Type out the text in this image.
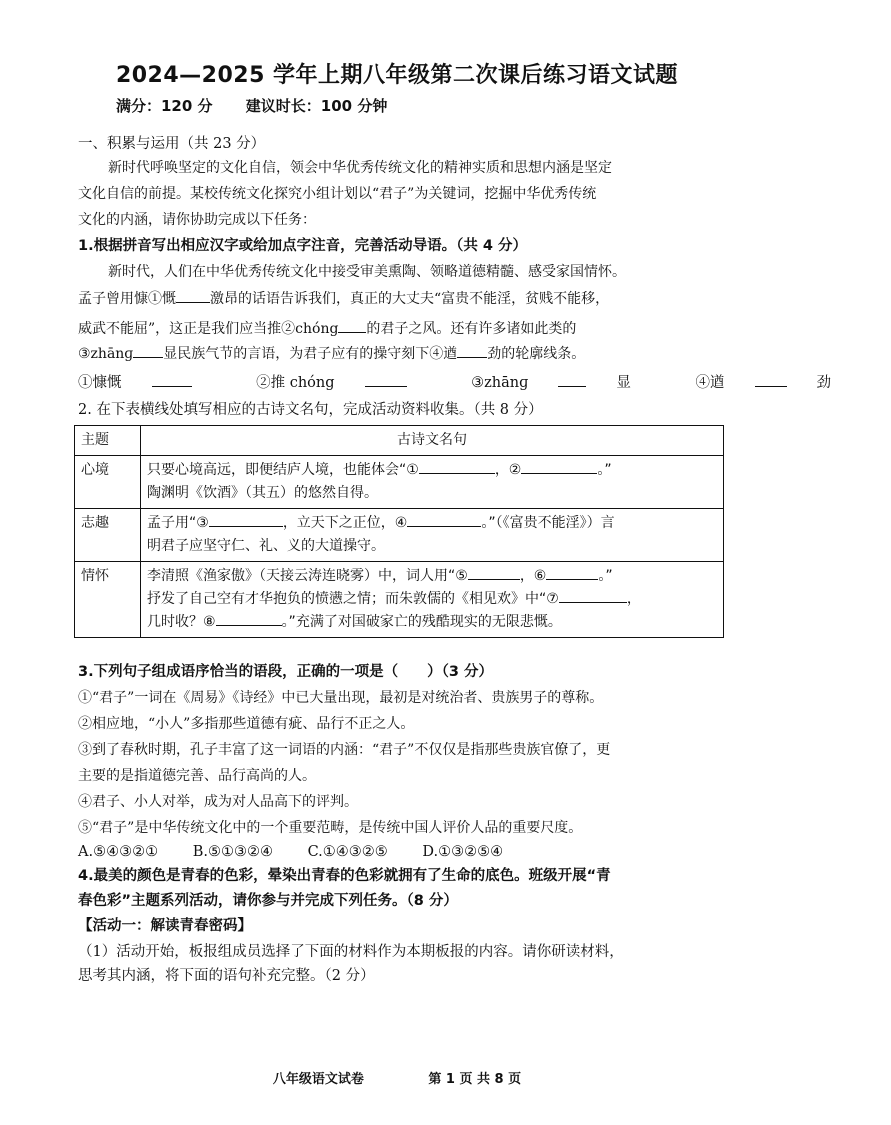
2024—2025 学年上期八年级第二次课后练习语文试题
满分：120 分 建议时长：100 分钟
一、积累与运用（共 23 分）
新时代呼唤坚定的文化自信，领会中华优秀传统文化的精神实质和思想内涵是坚定
文化自信的前提。某校传统文化探究小组计划以“君子”为关键词，挖掘中华优秀传统
文化的内涵，请你协助完成以下任务：
1.根据拼音写出相应汉字或给加点字注音，完善活动导语。（共 4 分）
新时代，人们在中华优秀传统文化中接受审美熏陶、领略道德精髓、感受家国情怀。
孟子曾用慷①慨 激昂的话语告诉我们，真正的大丈夫“富贵不能淫，贫贱不能移，
威武不能屈”，这正是我们应当推②chóng 的君子之风。还有许多诸如此类的
③zhānɡ 显民族气节的言语，为君子应有的操守刻下④遒 劲的轮廓线条。
①慷慨	②推 chóng	③zhānɡ	显	④遒	劲
2. 在下表横线处填写相应的古诗文名句，完成活动资料收集。（共 8 分）
主题	古诗文名句
心境	只要心境高远，即便结庐人境，也能体会“① ，② 。”
陶渊明《饮酒》（其五）的悠然自得。
志趣	孟子用“③ ，立天下之正位，④ 。”（《富贵不能淫》）言
明君子应坚守仁、礼、义的大道操守。
情怀	李清照《渔家傲》（天接云涛连晓雾）中，词人用“⑤ ，⑥ 。”
抒发了自己空有才华抱负的愤懑之情；而朱敦儒的《相见欢》中“⑦ ，
几时收？⑧ 。”充满了对国破家亡的残酷现实的无限悲慨。
3.下列句子组成语序恰当的语段，正确的一项是（　　）（3 分）
①“君子”一词在《周易》《诗经》中已大量出现，最初是对统治者、贵族男子的尊称。
②相应地，“小人”多指那些道德有疵、品行不正之人。
③到了春秋时期，孔子丰富了这一词语的内涵：“君子”不仅仅是指那些贵族官僚了，更
主要的是指道德完善、品行高尚的人。
④君子、小人对举，成为对人品高下的评判。
⑤“君子”是中华传统文化中的一个重要范畴，是传统中国人评价人品的重要尺度。
A.⑤④③②① B.⑤①③②④ C.①④③②⑤ D.①③②⑤④
4.最美的颜色是青春的色彩，晕染出青春的色彩就拥有了生命的底色。班级开展“青
春色彩”主题系列活动，请你参与并完成下列任务。（8 分）
【活动一：解读青春密码】
（1）活动开始，板报组成员选择了下面的材料作为本期板报的内容。请你研读材料，
思考其内涵，将下面的语句补充完整。（2 分）
八年级语文试卷	第 1 页 共 8 页
